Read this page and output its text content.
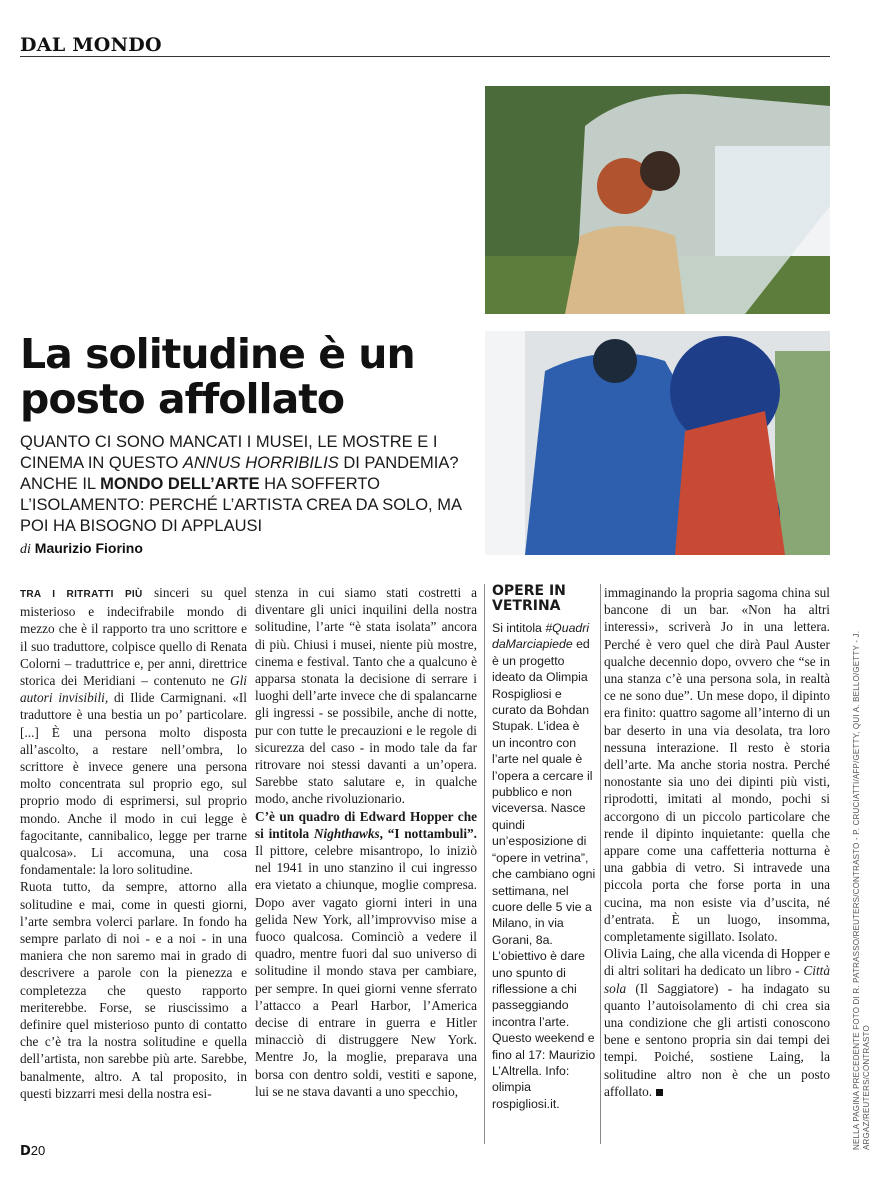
DAL MONDO
La solitudine è un posto affollato
QUANTO CI SONO MANCATI I MUSEI, LE MOSTRE E I CINEMA IN QUESTO ANNUS HORRIBILIS DI PANDEMIA? ANCHE IL MONDO DELL’ARTE HA SOFFERTO L’ISOLAMENTO: PERCHÉ L’ARTISTA CREA DA SOLO, MA POI HA BISOGNO DI APPLAUSI
di Maurizio Fiorino

TRA I RITRATTI PIÙ sinceri su quel misterioso e indecifrabile mondo di mezzo che è il rapporto tra uno scrittore e il suo traduttore, colpisce quello di Renata Colorni – traduttrice e, per anni, direttrice storica dei Meridiani – contenuto ne Gli autori invisibili, di Ilide Carmignani. «Il traduttore è una bestia un po’ particolare. [...] È una persona molto disposta all’ascolto, a restare nell’ombra, lo scrittore è invece genere una persona molto concentrata sul proprio ego, sul proprio modo di esprimersi, sul proprio mondo. Anche il modo in cui legge è fagocitante, cannibalico, legge per trarne qualcosa». Li accomuna, una cosa fondamentale: la loro solitudine.

Ruota tutto, da sempre, attorno alla solitudine e mai, come in questi giorni, l’arte sembra volerci parlare. In fondo ha sempre parlato di noi - e a noi - in una maniera che non saremo mai in grado di descrivere a parole con la pienezza e completezza che questo rapporto meriterebbe. Forse, se riuscissimo a definire quel misterioso punto di contatto che c’è tra la nostra solitudine e quella dell’artista, non sarebbe più arte. Sarebbe, banalmente, altro. A tal proposito, in questi bizzarri mesi della nostra esi-

stenza in cui siamo stati costretti a diventare gli unici inquilini della nostra solitudine, l’arte “è stata isolata” ancora di più. Chiusi i musei, niente più mostre, cinema e festival. Tanto che a qualcuno è apparsa stonata la decisione di serrare i luoghi dell’arte invece che di spalancarne gli ingressi - se possibile, anche di notte, pur con tutte le precauzioni e le regole di sicurezza del caso - in modo tale da far ritrovare noi stessi davanti a un’opera. Sarebbe stato salutare e, in qualche modo, anche rivoluzionario.

C’è un quadro di Edward Hopper che si intitola Nighthawks, “I nottambuli”. Il pittore, celebre misantropo, lo iniziò nel 1941 in uno stanzino il cui ingresso era vietato a chiunque, moglie compresa. Dopo aver vagato giorni interi in una gelida New York, all’improvviso mise a fuoco qualcosa. Cominciò a vedere il quadro, mentre fuori dal suo universo di solitudine il mondo stava per cambiare, per sempre. In quei giorni venne sferrato l’attacco a Pearl Harbor, l’America decise di entrare in guerra e Hitler minacciò di distruggere New York. Mentre Jo, la moglie, preparava una borsa con dentro soldi, vestiti e sapone, lui se ne stava davanti a uno specchio,

OPERE IN VETRINA
Si intitola #Quadri daMarciapiede ed è un progetto ideato da Olimpia Rospigliosi e curato da Bohdan Stupak. L’idea è un incontro con l’arte nel quale è l’opera a cercare il pubblico e non viceversa. Nasce quindi un’esposizione di “opere in vetrina”, che cambiano ogni settimana, nel cuore delle 5 vie a Milano, in via Gorani, 8a. L’obiettivo è dare uno spunto di riflessione a chi passeggiando incontra l’arte. Questo weekend e fino al 17: Maurizio L’Altrella. Info: olimpia rospigliosi.it.

immaginando la propria sagoma china sul bancone di un bar. «Non ha altri interessi», scriverà Jo in una lettera. Perché è vero quel che dirà Paul Auster qualche decennio dopo, ovvero che “se in una stanza c’è una persona sola, in realtà ce ne sono due”. Un mese dopo, il dipinto era finito: quattro sagome all’interno di un bar deserto in una via desolata, tra loro nessuna interazione. Il resto è storia dell’arte. Ma anche storia nostra. Perché nonostante sia uno dei dipinti più visti, riprodotti, imitati al mondo, pochi si accorgono di un piccolo particolare che rende il dipinto inquietante: quella che appare come una caffetteria notturna è una gabbia di vetro. Si intravede una piccola porta che forse porta in una cucina, ma non esiste via d’uscita, né d’entrata. È un luogo, insomma, completamente sigillato. Isolato.

Olivia Laing, che alla vicenda di Hopper e di altri solitari ha dedicato un libro - Città sola (Il Saggiatore) - ha indagato su quanto l’autoisolamento di chi crea sia una condizione che gli artisti conoscono bene e sentono propria sin dai tempi dei tempi. Poiché, sostiene Laing, la solitudine altro non è che un posto affollato.	NELLA PAGINA PRECEDENTE FOTO DI R. PATRASSO/REUTERS/CONTRASTO - P. CRUCIATTI/AFP/GETTY, QUI A. BELLO/GETTY - J. ARGAZ/REUTERS/CONTRASTO
D20
